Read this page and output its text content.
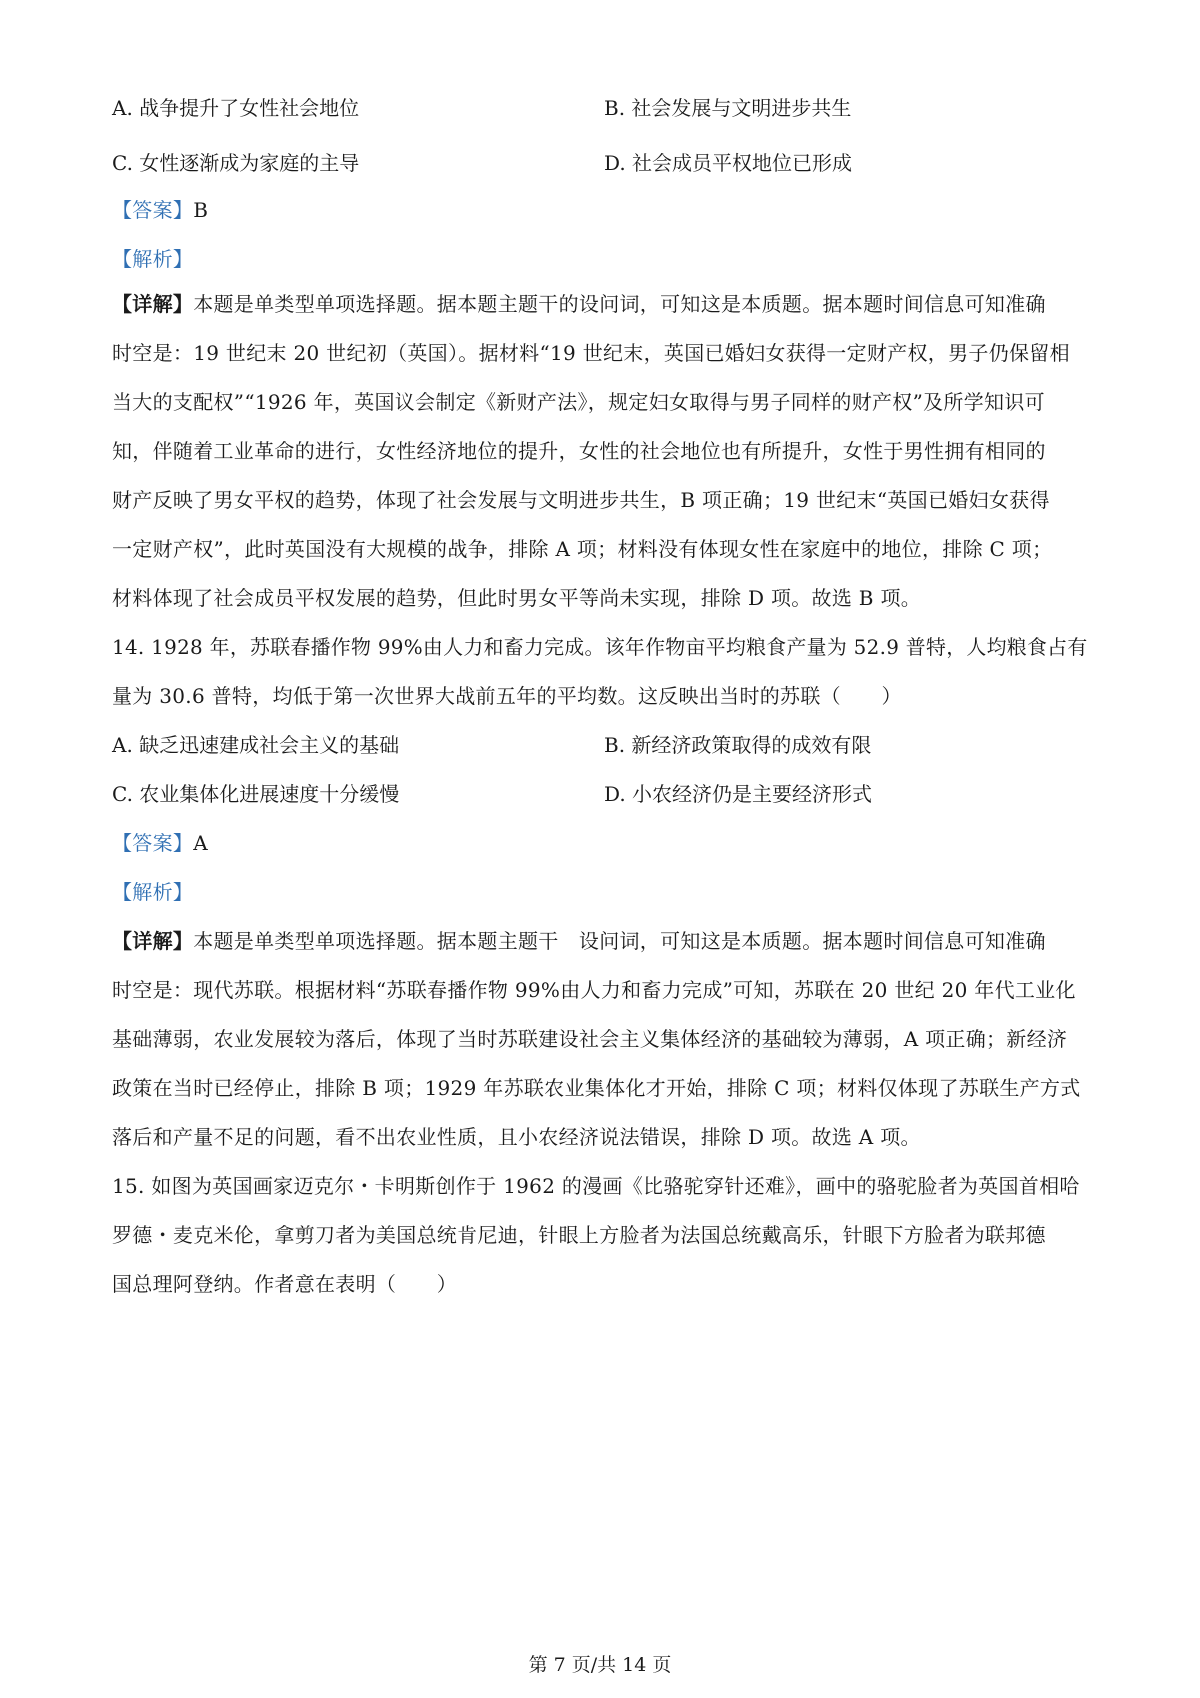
A. 战争提升了女性社会地位	B. 社会发展与文明进步共生
C. 女性逐渐成为家庭的主导	D. 社会成员平权地位已形成
【答案】B
【解析】
【详解】本题是单类型单项选择题。据本题主题干的设问词，可知这是本质题。据本题时间信息可知准确
时空是：19 世纪末 20 世纪初（英国）。据材料“19 世纪末，英国已婚妇女获得一定财产权，男子仍保留相
当大的支配权”“1926 年，英国议会制定《新财产法》，规定妇女取得与男子同样的财产权”及所学知识可
知，伴随着工业革命的进行，女性经济地位的提升，女性的社会地位也有所提升，女性于男性拥有相同的
财产反映了男女平权的趋势，体现了社会发展与文明进步共生，B 项正确；19 世纪末“英国已婚妇女获得
一定财产权”，此时英国没有大规模的战争，排除 A 项；材料没有体现女性在家庭中的地位，排除 C 项；
材料体现了社会成员平权发展的趋势，但此时男女平等尚未实现，排除 D 项。故选 B 项。
14. 1928 年，苏联春播作物 99%由人力和畜力完成。该年作物亩平均粮食产量为 52.9 普特，人均粮食占有
量为 30.6 普特，均低于第一次世界大战前五年的平均数。这反映出当时的苏联（　　）
A. 缺乏迅速建成社会主义的基础	B. 新经济政策取得的成效有限
C. 农业集体化进展速度十分缓慢	D. 小农经济仍是主要经济形式
【答案】A
【解析】
【详解】本题是单类型单项选择题。据本题主题干　设问词，可知这是本质题。据本题时间信息可知准确
时空是：现代苏联。根据材料“苏联春播作物 99%由人力和畜力完成”可知，苏联在 20 世纪 20 年代工业化
基础薄弱，农业发展较为落后，体现了当时苏联建设社会主义集体经济的基础较为薄弱，A 项正确；新经济
政策在当时已经停止，排除 B 项；1929 年苏联农业集体化才开始，排除 C 项；材料仅体现了苏联生产方式
落后和产量不足的问题，看不出农业性质，且小农经济说法错误，排除 D 项。故选 A 项。
15. 如图为英国画家迈克尔・卡明斯创作于 1962 的漫画《比骆驼穿针还难》，画中的骆驼脸者为英国首相哈
罗德・麦克米伦，拿剪刀者为美国总统肯尼迪，针眼上方脸者为法国总统戴高乐，针眼下方脸者为联邦德
国总理阿登纳。作者意在表明（　　）
第 7 页/共 14 页
